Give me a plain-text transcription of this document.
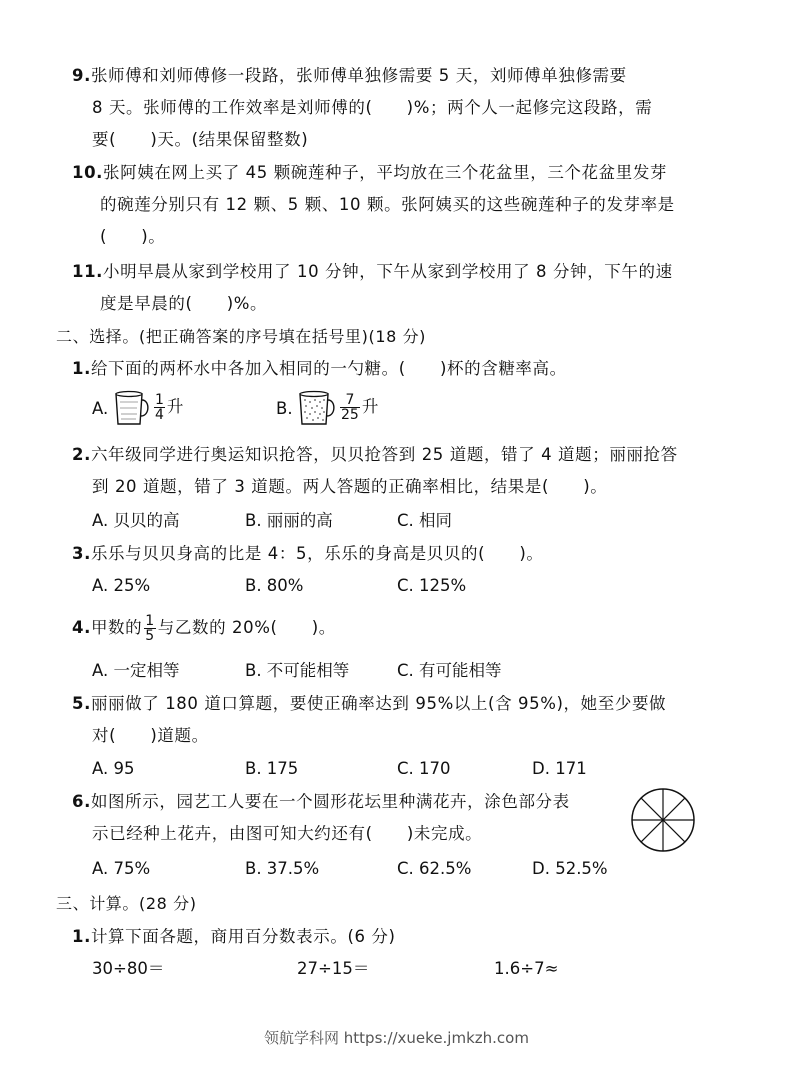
9.张师傅和刘师傅修一段路，张师傅单独修需要 5 天，刘师傅单独修需要
8 天。张师傅的工作效率是刘师傅的(　　)%；两个人一起修完这段路，需
要(　　)天。(结果保留整数)
10.张阿姨在网上买了 45 颗碗莲种子，平均放在三个花盆里，三个花盆里发芽
的碗莲分别只有 12 颗、5 颗、10 颗。张阿姨买的这些碗莲种子的发芽率是
(　　)。
11.小明早晨从家到学校用了 10 分钟，下午从家到学校用了 8 分钟，下午的速
度是早晨的(　　)%。
二、选择。(把正确答案的序号填在括号里)(18 分)
1.给下面的两杯水中各加入相同的一勺糖。(　　)杯的含糖率高。
A.	$\frac{1}{4}$ 升	B.	$\frac{7}{25}$ 升
2.六年级同学进行奥运知识抢答，贝贝抢答到 25 道题，错了 4 道题；丽丽抢答
到 20 道题，错了 3 道题。两人答题的正确率相比，结果是(　　)。
A. 贝贝的高	B. 丽丽的高	C. 相同
3.乐乐与贝贝身高的比是 4：5，乐乐的身高是贝贝的(　　)。
A. 25%	B. 80%	C. 125%
4.甲数的 $\frac{1}{5}$ 与乙数的 20%(　　)。
A. 一定相等	B. 不可能相等	C. 有可能相等
5.丽丽做了 180 道口算题，要使正确率达到 95%以上(含 95%)，她至少要做
对(　　)道题。
A. 95	B. 175	C. 170	D. 171
6.如图所示，园艺工人要在一个圆形花坛里种满花卉，涂色部分表
示已经种上花卉，由图可知大约还有(　　)未完成。
A. 75%	B. 37.5%	C. 62.5%	D. 52.5%
三、计算。(28 分)
1.计算下面各题，商用百分数表示。(6 分)
30÷80＝	27÷15＝	1.6÷7≈
领航学科网 https://xueke.jmkzh.com
